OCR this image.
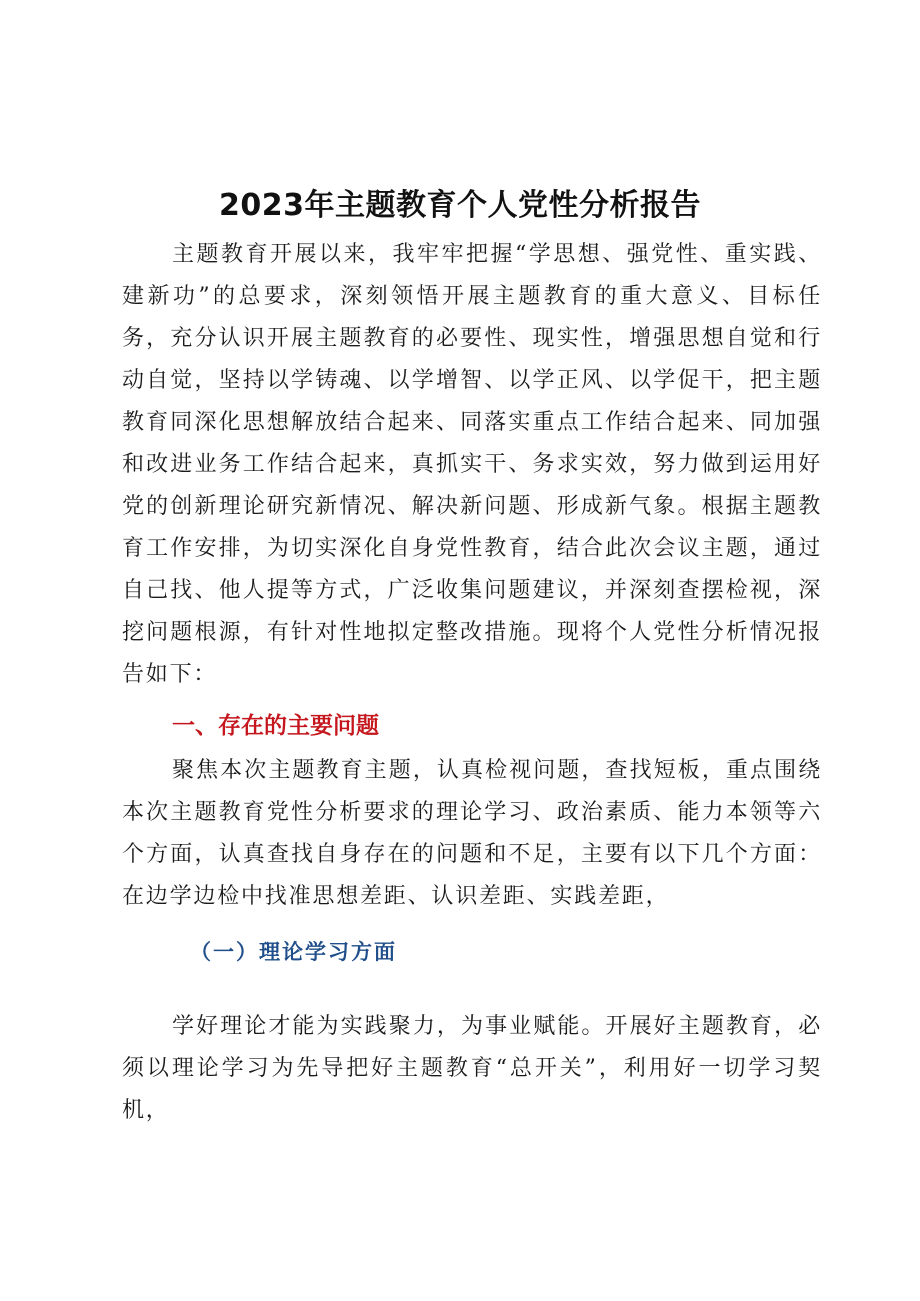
2023年主题教育个人党性分析报告

主题教育开展以来，我牢牢把握“学思想、强党性、重实践、建新功”的总要求，深刻领悟开展主题教育的重大意义、目标任务，充分认识开展主题教育的必要性、现实性，增强思想自觉和行动自觉，坚持以学铸魂、以学增智、以学正风、以学促干，把主题教育同深化思想解放结合起来、同落实重点工作结合起来、同加强和改进业务工作结合起来，真抓实干、务求实效，努力做到运用好党的创新理论研究新情况、解决新问题、形成新气象。根据主题教育工作安排，为切实深化自身党性教育，结合此次会议主题，通过自己找、他人提等方式，广泛收集问题建议，并深刻查摆检视，深挖问题根源，有针对性地拟定整改措施。现将个人党性分析情况报告如下：

一、存在的主要问题

聚焦本次主题教育主题，认真检视问题，查找短板，重点围绕本次主题教育党性分析要求的理论学习、政治素质、能力本领等六个方面，认真查找自身存在的问题和不足，主要有以下几个方面：在边学边检中找准思想差距、认识差距、实践差距，

（一）理论学习方面

学好理论才能为实践聚力，为事业赋能。开展好主题教育，必须以理论学习为先导把好主题教育“总开关”，利用好一切学习契机，
